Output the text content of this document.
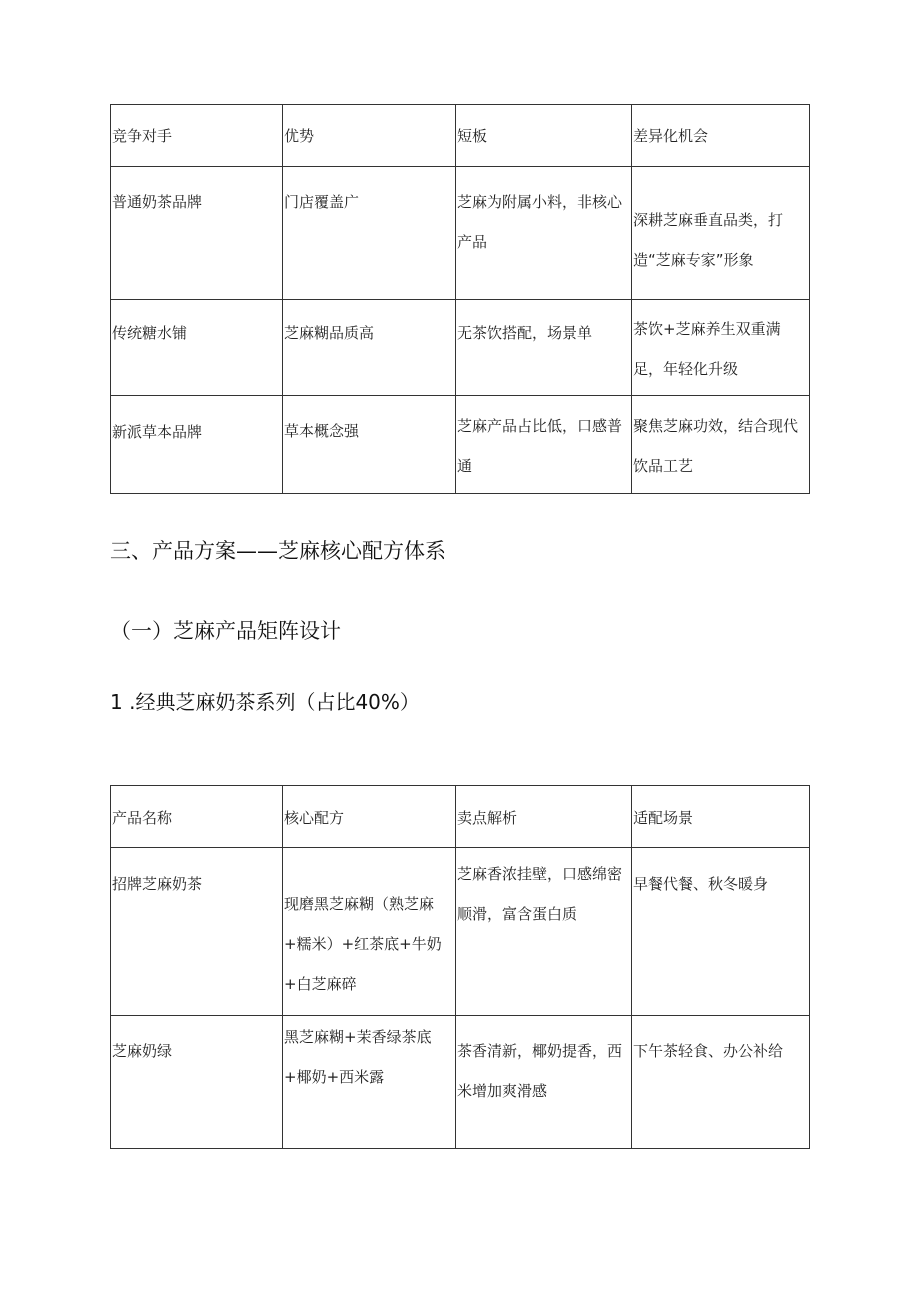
竞争对手	优势	短板	差异化机会

普通奶茶品牌	门店覆盖广	芝麻为附属小料，非核心产品	深耕芝麻垂直品类，打造“芝麻专家”形象

传统糖水铺	芝麻糊品质高	无茶饮搭配，场景单	茶饮+芝麻养生双重满足，年轻化升级

新派草本品牌	草本概念强	芝麻产品占比低，口感普通	聚焦芝麻功效，结合现代饮品工艺
三、产品方案——芝麻核心配方体系
（一）芝麻产品矩阵设计
1 .经典芝麻奶茶系列（占比40%）
产品名称	核心配方	卖点解析	适配场景

招牌芝麻奶茶	现磨黑芝麻糊（熟芝麻+糯米）+红茶底+牛奶+白芝麻碎	芝麻香浓挂壁，口感绵密顺滑，富含蛋白质	早餐代餐、秋冬暖身

芝麻奶绿	黑芝麻糊+茉香绿茶底+椰奶+西米露	茶香清新，椰奶提香，西米增加爽滑感	下午茶轻食、办公补给
